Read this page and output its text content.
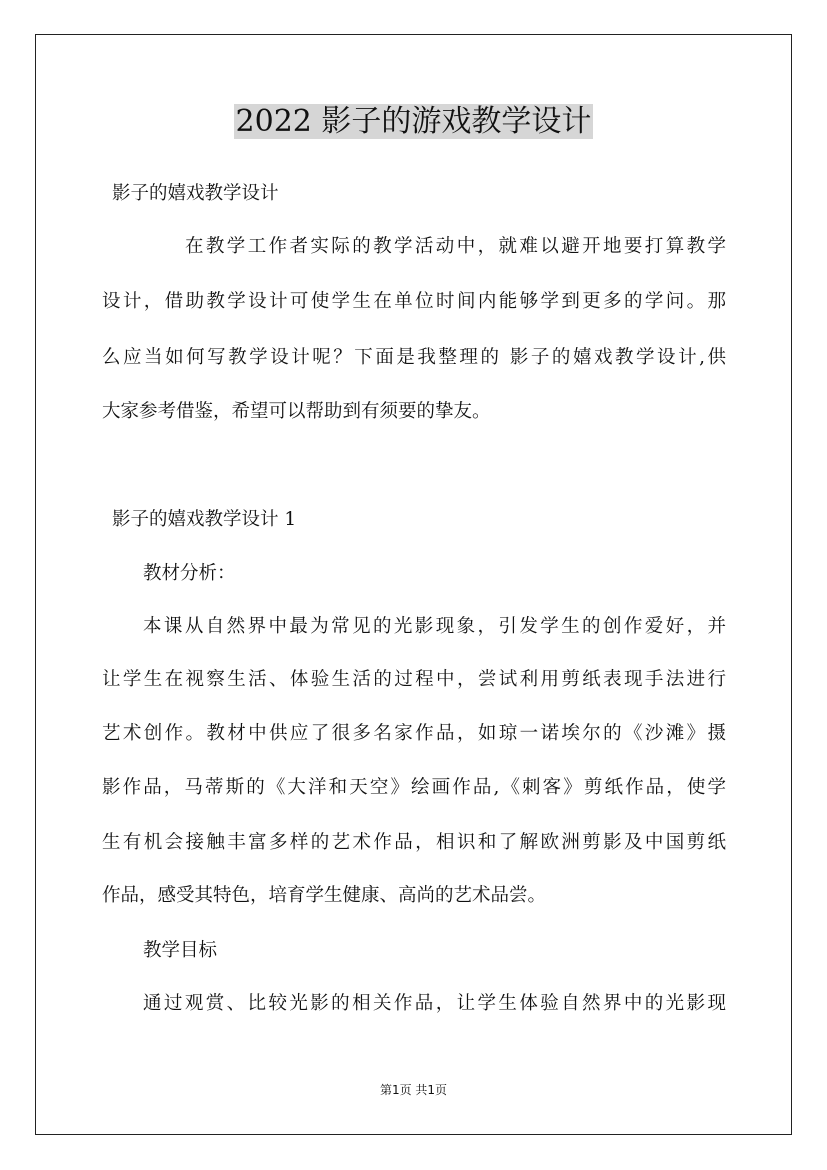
2022 影子的游戏教学设计
影子的嬉戏教学设计
在教学工作者实际的教学活动中，就难以避开地要打算教学
设计，借助教学设计可使学生在单位时间内能够学到更多的学问。那
么应当如何写教学设计呢？下面是我整理的 影子的嬉戏教学设计,供
大家参考借鉴，希望可以帮助到有须要的挚友。
影子的嬉戏教学设计 1
教材分析：
本课从自然界中最为常见的光影现象，引发学生的创作爱好，并
让学生在视察生活、体验生活的过程中，尝试利用剪纸表现手法进行
艺术创作。教材中供应了很多名家作品，如琼一诺埃尔的《沙滩》摄
影作品，马蒂斯的《大洋和天空》绘画作品,《刺客》剪纸作品，使学
生有机会接触丰富多样的艺术作品，相识和了解欧洲剪影及中国剪纸
作品，感受其特色，培育学生健康、高尚的艺术品尝。
教学目标
通过观赏、比较光影的相关作品，让学生体验自然界中的光影现
第1页 共1页
